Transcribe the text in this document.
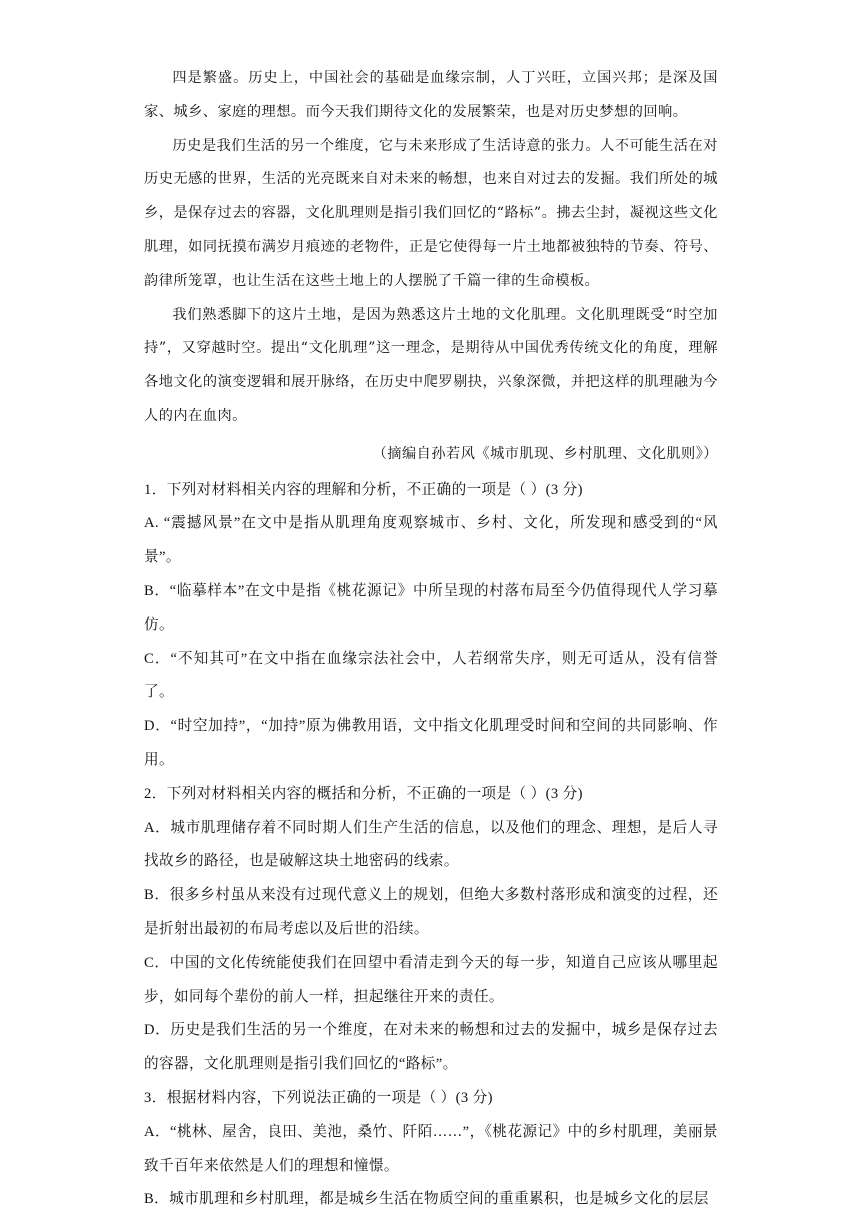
四是繁盛。历史上，中国社会的基础是血缘宗制，人丁兴旺，立国兴邦；是深及国家、城乡、家庭的理想。而今天我们期待文化的发展繁荣，也是对历史梦想的回响。

历史是我们生活的另一个维度，它与未来形成了生活诗意的张力。人不可能生活在对历史无感的世界，生活的光亮既来自对未来的畅想，也来自对过去的发掘。我们所处的城乡，是保存过去的容器，文化肌理则是指引我们回忆的“路标”。拂去尘封，凝视这些文化肌理，如同抚摸布满岁月痕迹的老物件，正是它使得每一片土地都被独特的节奏、符号、韵律所笼罩，也让生活在这些土地上的人摆脱了千篇一律的生命模板。

我们熟悉脚下的这片土地，是因为熟悉这片土地的文化肌理。文化肌理既受“时空加持”，又穿越时空。提出“文化肌理”这一理念，是期待从中国优秀传统文化的角度，理解各地文化的演变逻辑和展开脉络，在历史中爬罗剔抉，兴象深微，并把这样的肌理融为今人的内在血肉。

（摘编自孙若风《城市肌现、乡村肌理、文化肌则》）

1．下列对材料相关内容的理解和分析，不正确的一项是（ ）(3 分)

A. “震撼风景”在文中是指从肌理角度观察城市、乡村、文化，所发现和感受到的“风景”。

B．“临摹样本”在文中是指《桃花源记》中所呈现的村落布局至今仍值得现代人学习摹仿。

C．“不知其可”在文中指在血缘宗法社会中，人若纲常失序，则无可适从，没有信誉了。

D．“时空加持”，“加持”原为佛教用语，文中指文化肌理受时间和空间的共同影响、作用。

2．下列对材料相关内容的概括和分析，不正确的一项是（ ）(3 分)

A．城市肌理储存着不同时期人们生产生活的信息，以及他们的理念、理想，是后人寻找故乡的路径，也是破解这块土地密码的线索。

B．很多乡村虽从来没有过现代意义上的规划，但绝大多数村落形成和演变的过程，还是折射出最初的布局考虑以及后世的沿续。

C．中国的文化传统能使我们在回望中看清走到今天的每一步，知道自己应该从哪里起步，如同每个辈份的前人一样，担起继往开来的责任。

D．历史是我们生活的另一个维度，在对未来的畅想和过去的发掘中，城乡是保存过去的容器，文化肌理则是指引我们回忆的“路标”。

3．根据材料内容，下列说法正确的一项是（ ）(3 分)

A．“桃林、屋舍，良田、美池，桑竹、阡陌……”，《桃花源记》中的乡村肌理，美丽景致千百年来依然是人们的理想和憧憬。

B．城市肌理和乡村肌理，都是城乡生活在物质空间的重重累积，也是城乡文化的层层
